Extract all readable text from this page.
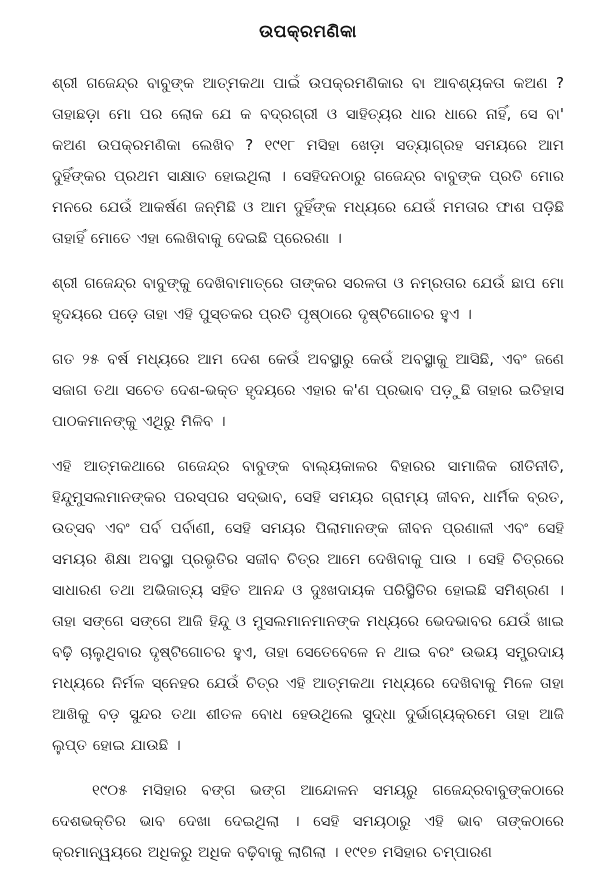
ଉପକ୍ରମଣିକା

ଶ୍ରୀ ଗଜେନ୍ଦ୍ର ବାବୁଙ୍କ ଆତ୍ମକଥା ପାଇଁ ଉପକ୍ରମଣିକାର ବା ଆବଶ୍ୟକତା କଅଣ ? ତାହାଛଡ଼ା ମୋ ପର ଲୋକ ଯେ କ ବଦ୍ରଗ୍ରୀ ଓ ସାହିତ୍ୟର ଧାର ଧାରେ ନାହିଁ, ସେ ବା' କଅଣ ଉପକ୍ରମଣିକା ଲେଖିବ ? ୧୯୧୮ ମସିହା ଖେଡ଼ା ସତ୍ୟାଗ୍ରହ ସମୟରେ ଆମ ଦୁହିଁଙ୍କର ପ୍ରଥମ ସାକ୍ଷାତ ହୋଇଥିଲା । ସେହିଦନଠାରୁ ଗଜେନ୍ଦ୍ର ବାବୁଙ୍କ ପ୍ରତି ମୋର ମନରେ ଯେଉଁ ଆକର୍ଷଣ ଜନ୍ମିଛି ଓ ଆମ ଦୁହିଁଙ୍କ ମଧ୍ୟରେ ଯେଉଁ ମମତାର ଫାଶ ପଡ଼ିଛି ତାହାହିଁ ମୋତେ ଏହା ଲେଖିବାକୁ ଦେଇଛି ପ୍ରେରଣା ।

ଶ୍ରୀ ଗଜେନ୍ଦ୍ର ବାବୁଙ୍କୁ ଦେଖିବାମାତ୍ରେ ତାଙ୍କର ସରଳତା ଓ ନମ୍ରତାର ଯେଉଁ ଛାପ ମୋ ହୃଦୟରେ ପଡ଼େ ତାହା ଏହି ପୁସ୍ତକର ପ୍ରତି ପୃଷ୍ଠାରେ ଦୃଷ୍ଟିଗୋଚର ହୁଏ ।

ଗତ ୨୫ ବର୍ଷ ମଧ୍ୟରେ ଆମ ଦେଶ କେଉଁ ଅବସ୍ଥାରୁ କେଉଁ ଅବସ୍ଥାକୁ ଆସିଛି, ଏବଂ ଜଣେ ସଜାଗ ତଥା ସଚେତ ଦେଶ-ଭକ୍ତ ହୃଦୟରେ ଏହାର କ'ଣ ପ୍ରଭାବ ପଡ଼ୁଛି ତାହାର ଇତିହାସ ପାଠକମାନଙ୍କୁ ଏଥିରୁ ମିଳିବ ।

ଏହି ଆତ୍ମକଥାରେ ଗଜେନ୍ଦ୍ର ବାବୁଙ୍କ ବାଲ୍ୟକାଳର ବିହାରର ସାମାଜିକ ରୀତିନୀତି, ହିନ୍ଦୁମୁସଲମାନଙ୍କର ପରସ୍ପର ସଦ୍ଭାବ, ସେହି ସମୟର ଗ୍ରାମ୍ୟ ଜୀବନ, ଧାର୍ମିକ ବ୍ରତ, ଉତ୍ସବ ଏବଂ ପର୍ବ ପର୍ବାଣୀ, ସେହି ସମୟର ପିଲାମାନଙ୍କ ଜୀବନ ପ୍ରଣାଳୀ ଏବଂ ସେହି ସମୟର ଶିକ୍ଷା ଅବସ୍ଥା ପ୍ରଭୃତିର ସଜୀବ ଚିତ୍ର ଆମେ ଦେଖିବାକୁ ପାଉ । ସେହି ଚିତ୍ରରେ ସାଧାରଣ ତଥା ଅଭିଜାତ୍ୟ ସହିତ ଆନନ୍ଦ ଓ ଦୁଃଖଦାୟକ ପରିସ୍ଥିତିର ହୋଇଛି ସମିଶ୍ରଣ । ତାହା ସଙ୍ଗେ ସଙ୍ଗେ ଆଜି ହିନ୍ଦୁ ଓ ମୁସଲମାନମାନଙ୍କ ମଧ୍ୟରେ ଭେଦଭାବର ଯେଉଁ ଖାଇ ବଢ଼ି ଚାଲୁଥିବାର ଦୃଷ୍ଟିଗୋଚର ହୁଏ, ତାହା ସେତେବେଳେ ନ ଥାଇ ବରଂ ଉଭୟ ସମ୍ପ୍ରଦାୟ ମଧ୍ୟରେ ନିର୍ମଳ ସ୍ନେହର ଯେଉଁ ଚିତ୍ର ଏହି ଆତ୍ମକଥା ମଧ୍ୟରେ ଦେଖିବାକୁ ମିଳେ ତାହା ଆଖିକୁ ବଡ଼ ସୁନ୍ଦର ତଥା ଶୀତଳ ବୋଧ ହେଉଥିଲେ ସୁଦ୍ଧା ଦୁର୍ଭାଗ୍ୟକ୍ରମେ ତାହା ଆଜି ଲୁପ୍ତ ହୋଇ ଯାଉଛି ।

୧୯୦୫ ମସିହାର ବଙ୍ଗ ଭଙ୍ଗ ଆନ୍ଦୋଳନ ସମୟରୁ ଗଜେନ୍ଦ୍ରବାବୁଙ୍କଠାରେ ଦେଶଭକ୍ତିର ଭାବ ଦେଖା ଦେଇଥିଲା । ସେହି ସମୟଠାରୁ ଏହି ଭାବ ତାଙ୍କଠାରେ କ୍ରମାନ୍ୱୟରେ ଅଧିକରୁ ଅଧିକ ବଢ଼ିବାକୁ ଲାଗିଲା । ୧୯୧୭ ମସିହାର ଚମ୍ପାରଣ
